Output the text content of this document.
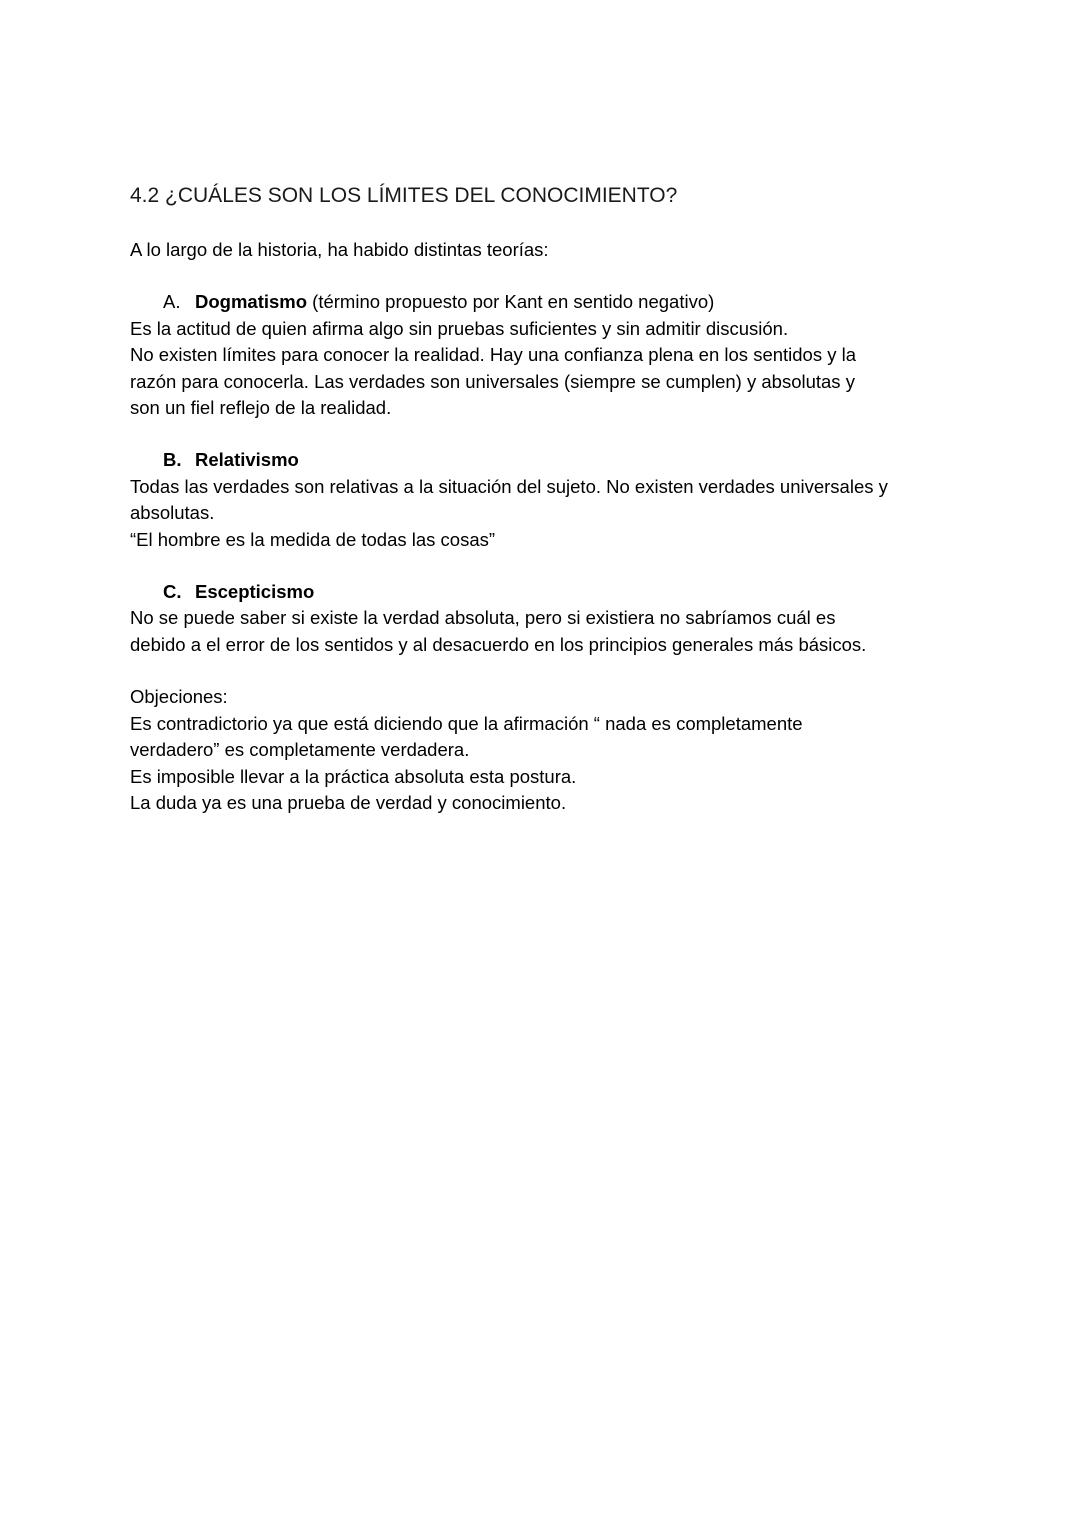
4.2 ¿CUÁLES SON LOS LÍMITES DEL CONOCIMIENTO?

A lo largo de la historia, ha habido distintas teorías:

A. Dogmatismo (término propuesto por Kant en sentido negativo)

Es la actitud de quien afirma algo sin pruebas suficientes y sin admitir discusión.

No existen límites para conocer la realidad. Hay una confianza plena en los sentidos y la

razón para conocerla. Las verdades son universales (siempre se cumplen) y absolutas y

son un fiel reflejo de la realidad.

B. Relativismo

Todas las verdades son relativas a la situación del sujeto. No existen verdades universales y

absolutas.

“El hombre es la medida de todas las cosas”

C. Escepticismo

No se puede saber si existe la verdad absoluta, pero si existiera no sabríamos cuál es

debido a el error de los sentidos y al desacuerdo en los principios generales más básicos.

Objeciones:

Es contradictorio ya que está diciendo que la afirmación “ nada es completamente

verdadero” es completamente verdadera.

Es imposible llevar a la práctica absoluta esta postura.

La duda ya es una prueba de verdad y conocimiento.
